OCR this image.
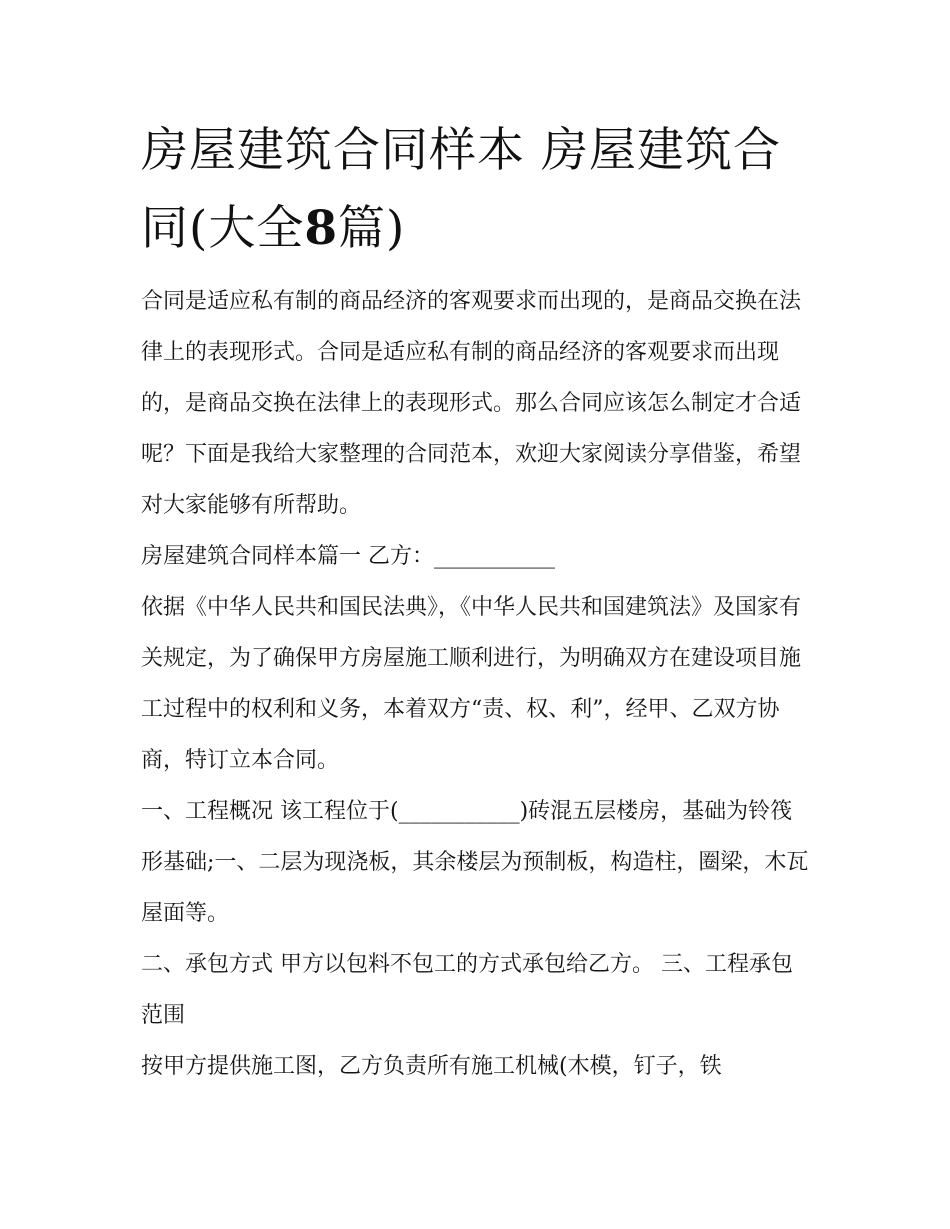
房屋建筑合同样本 房屋建筑合同(大全8篇)

合同是适应私有制的商品经济的客观要求而出现的，是商品交换在法律上的表现形式。合同是适应私有制的商品经济的客观要求而出现的，是商品交换在法律上的表现形式。那么合同应该怎么制定才合适呢？下面是我给大家整理的合同范本，欢迎大家阅读分享借鉴，希望对大家能够有所帮助。

房屋建筑合同样本篇一 乙方：___________

依据《中华人民共和国民法典》，《中华人民共和国建筑法》及国家有关规定，为了确保甲方房屋施工顺利进行，为明确双方在建设项目施工过程中的权利和义务，本着双方“责、权、利”，经甲、乙双方协商，特订立本合同。

一、工程概况 该工程位于(___________)砖混五层楼房，基础为铃筏形基础;一、二层为现浇板，其余楼层为预制板，构造柱，圈梁，木瓦屋面等。

二、承包方式 甲方以包料不包工的方式承包给乙方。 三、工程承包范围

按甲方提供施工图，乙方负责所有施工机械(木模，钉子，铁
